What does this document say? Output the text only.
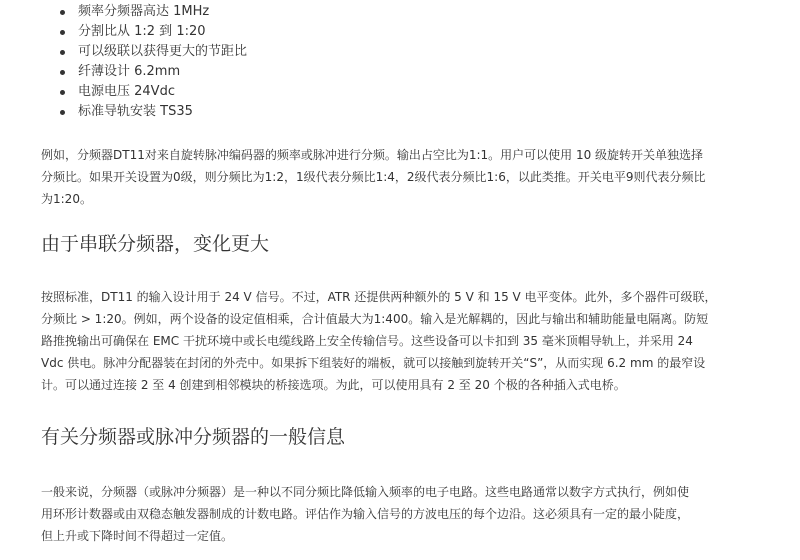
频率分频器高达 1MHz
分割比从 1:2 到 1:20
可以级联以获得更大的节距比
纤薄设计 6.2mm
电源电压 24Vdc
标准导轨安装 TS35

例如，分频器DT11对来自旋转脉冲编码器的频率或脉冲进行分频。输出占空比为1:1。用户可以使用 10 级旋转开关单独选择
分频比。如果开关设置为0级，则分频比为1:2，1级代表分频比1:4，2级代表分频比1:6，以此类推。开关电平9则代表分频比
为1:20。

由于串联分频器，变化更大

按照标准，DT11 的输入设计用于 24 V 信号。不过，ATR 还提供两种额外的 5 V 和 15 V 电平变体。此外，多个器件可级联，
分频比 > 1:20。例如，两个设备的设定值相乘，合计值最大为1:400。输入是光解耦的，因此与输出和辅助能量电隔离。防短
路推挽输出可确保在 EMC 干扰环境中或长电缆线路上安全传输信号。这些设备可以卡扣到 35 毫米顶帽导轨上，并采用 24
Vdc 供电。脉冲分配器装在封闭的外壳中。如果拆下组装好的端板，就可以接触到旋转开关“S”，从而实现 6.2 mm 的最窄设
计。可以通过连接 2 至 4 创建到相邻模块的桥接选项。为此，可以使用具有 2 至 20 个极的各种插入式电桥。

有关分频器或脉冲分频器的一般信息

一般来说，分频器（或脉冲分频器）是一种以不同分频比降低输入频率的电子电路。这些电路通常以数字方式执行，例如使
用环形计数器或由双稳态触发器制成的计数电路。评估作为输入信号的方波电压的每个边沿。这必须具有一定的最小陡度，
但上升或下降时间不得超过一定值。
